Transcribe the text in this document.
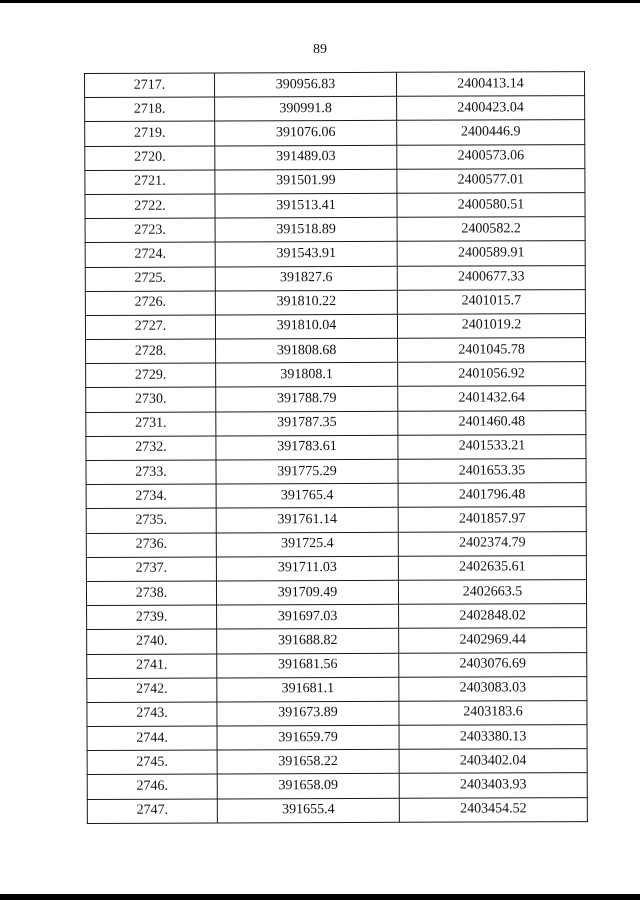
89
2717.	390956.83	2400413.14
2718.	390991.8	2400423.04
2719.	391076.06	2400446.9
2720.	391489.03	2400573.06
2721.	391501.99	2400577.01
2722.	391513.41	2400580.51
2723.	391518.89	2400582.2
2724.	391543.91	2400589.91
2725.	391827.6	2400677.33
2726.	391810.22	2401015.7
2727.	391810.04	2401019.2
2728.	391808.68	2401045.78
2729.	391808.1	2401056.92
2730.	391788.79	2401432.64
2731.	391787.35	2401460.48
2732.	391783.61	2401533.21
2733.	391775.29	2401653.35
2734.	391765.4	2401796.48
2735.	391761.14	2401857.97
2736.	391725.4	2402374.79
2737.	391711.03	2402635.61
2738.	391709.49	2402663.5
2739.	391697.03	2402848.02
2740.	391688.82	2402969.44
2741.	391681.56	2403076.69
2742.	391681.1	2403083.03
2743.	391673.89	2403183.6
2744.	391659.79	2403380.13
2745.	391658.22	2403402.04
2746.	391658.09	2403403.93
2747.	391655.4	2403454.52
